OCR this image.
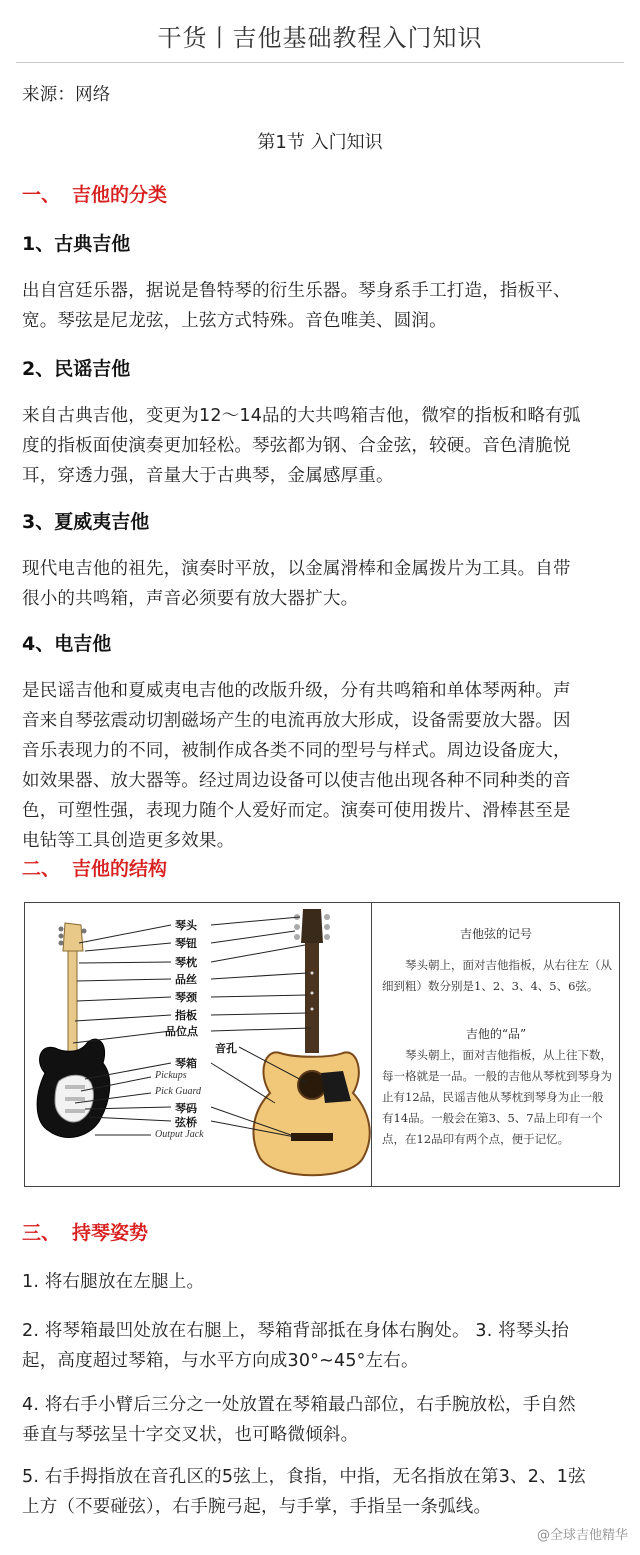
干货丨吉他基础教程入门知识
来源：网络
第1节 入门知识
一、 吉他的分类
1、古典吉他
出自宫廷乐器，据说是鲁特琴的衍生乐器。琴身系手工打造，指板平、
宽。琴弦是尼龙弦，上弦方式特殊。音色唯美、圆润。
2、民谣吉他
来自古典吉他，变更为12～14品的大共鸣箱吉他，微窄的指板和略有弧
度的指板面使演奏更加轻松。琴弦都为钢、合金弦，较硬。音色清脆悦
耳，穿透力强，音量大于古典琴，金属感厚重。
3、夏威夷吉他
现代电吉他的祖先，演奏时平放，以金属滑棒和金属拨片为工具。自带
很小的共鸣箱，声音必须要有放大器扩大。
4、电吉他
是民谣吉他和夏威夷电吉他的改版升级，分有共鸣箱和单体琴两种。声
音来自琴弦震动切割磁场产生的电流再放大形成，设备需要放大器。因
音乐表现力的不同，被制作成各类不同的型号与样式。周边设备庞大，
如效果器、放大器等。经过周边设备可以使吉他出现各种不同种类的音
色，可塑性强，表现力随个人爱好而定。演奏可使用拨片、滑棒甚至是
电钻等工具创造更多效果。
二、 吉他的结构
琴头
琴钮
琴枕
品丝
琴颈
指板
品位点
音孔
琴箱
Pickups
Pick Guard
琴码
弦桥
Output Jack
吉他弦的记号
琴头朝上，面对吉他指板，从右往左（从细到粗）数分别是1、2、3、4、5、6弦。
吉他的“品”
琴头朝上，面对吉他指板，从上往下数，每一格就是一品。一般的吉他从琴枕到琴身为止有12品，民谣吉他从琴枕到琴身为止一般有14品。一般会在第3、5、7品上印有一个点，在12品印有两个点，便于记忆。
三、 持琴姿势
1. 将右腿放在左腿上。
2. 将琴箱最凹处放在右腿上，琴箱背部抵在身体右胸处。 3. 将琴头抬
起，高度超过琴箱，与水平方向成30°~45°左右。
4. 将右手小臂后三分之一处放置在琴箱最凸部位，右手腕放松，手自然
垂直与琴弦呈十字交叉状，也可略微倾斜。
5. 右手拇指放在音孔区的5弦上，食指，中指，无名指放在第3、2、1弦
上方（不要碰弦），右手腕弓起，与手掌，手指呈一条弧线。
@全球吉他精华
